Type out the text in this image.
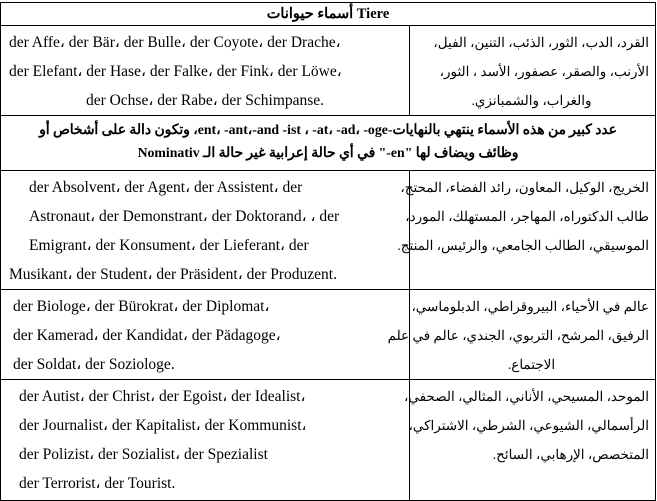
أسماء حيوانات Tiere	

der Affe، der Bär، der Bulle، der Coyote، der Drache،
der Elefant، der Hase، der Falke، der Fink، der Löwe،
der Ochse، der Rabe، der Schimpanse.	القرد، الدب، الثور، الذئب، التنين، الفيل،
الأرنب، والصقر، عصفور، الأسد ، الثور،
والغراب، والشمبانزي.

عدد كبير من هذه الأسماء ينتهي بالنهايات-ent، -ant،-and -ist ، -at، -ad، -oge، وتكون دالة على أشخاص أو
وظائف ويضاف لها "en-" في أي حالة إعرابية غير حالة الـ Nominativ	

der Absolvent، der Agent، der Assistent، der
Astronaut، der Demonstrant، der Doktorand، ، der
Emigrant، der Konsument، der Lieferant، der
Musikant، der Student، der Präsident، der Produzent.	الخريج، الوكيل، المعاون، رائد الفضاء، المحتج،
طالب الدكتوراه، المهاجر، المستهلك، المورد،
الموسيقي، الطالب الجامعي، والرئيس، المنتج.

der Biologe، der Bürokrat، der Diplomat،
der Kamerad، der Kandidat، der Pädagoge،
der Soldat، der Soziologe.	عالم في الأحياء، البيروقراطي، الدبلوماسي،
الرفيق، المرشح، التربوي، الجندي، عالم في علم
الاجتماع.

der Autist، der Christ، der Egoist، der Idealist،
der Journalist، der Kapitalist، der Kommunist،
der Polizist، der Sozialist، der Spezialist
der Terrorist، der Tourist.	الموحد، المسيحي، الأناني، المثالي، الصحفي،
الرأسمالي، الشيوعي، الشرطي، الاشتراكي،
المتخصص، الإرهابي، السائح.
